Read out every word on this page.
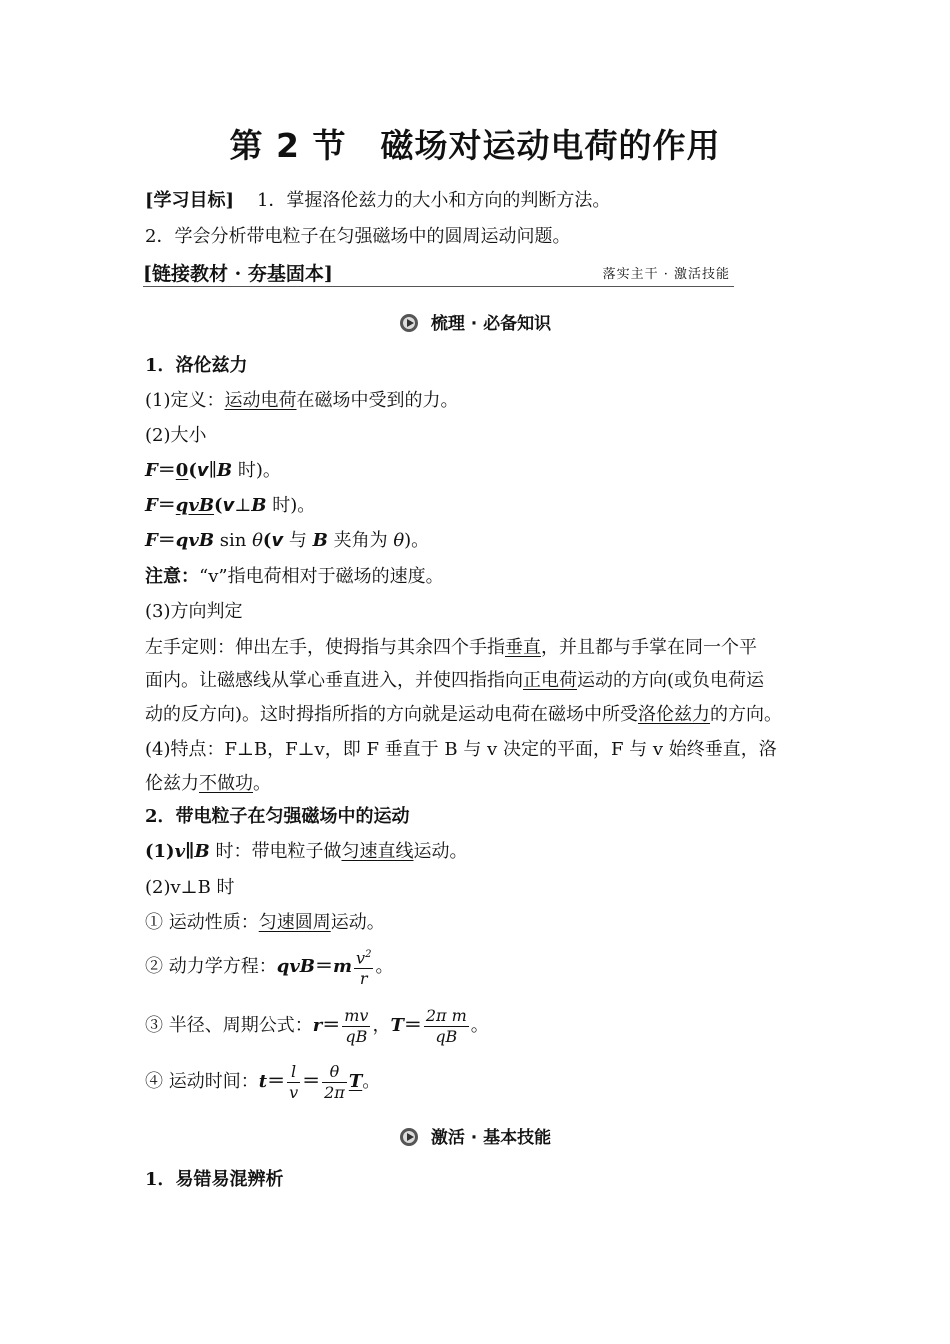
第 2 节　磁场对运动电荷的作用
[学习目标] 1．掌握洛伦兹力的大小和方向的判断方法。
2．学会分析带电粒子在匀强磁场中的圆周运动问题。
[链接教材 · 夯基固本]	落实主干 · 激活技能
梳理 · 必备知识
1．洛伦兹力
(1)定义：运动电荷在磁场中受到的力。
(2)大小
F＝0(v∥B 时)。
F＝qvB(v⊥B 时)。
F＝qvB sin θ(v 与 B 夹角为 θ)。
注意：“v”指电荷相对于磁场的速度。
(3)方向判定
左手定则：伸出左手，使拇指与其余四个手指垂直，并且都与手掌在同一个平
面内。让磁感线从掌心垂直进入，并使四指指向正电荷运动的方向(或负电荷运
动的反方向)。这时拇指所指的方向就是运动电荷在磁场中所受洛伦兹力的方向。
(4)特点：F⊥B，F⊥v，即 F 垂直于 B 与 v 决定的平面，F 与 v 始终垂直，洛
伦兹力不做功。
2．带电粒子在匀强磁场中的运动
(1)v∥B 时：带电粒子做匀速直线运动。
(2)v⊥B 时
① 运动性质：匀速圆周运动。
② 动力学方程：$qvB=m \frac{v^2}{r}$ 。
③ 半径、周期公式：$r= \frac{mv}{qB}$ ，$T= \frac{\text{2π m}}{qB}$ 。
④ 运动时间：$t= \frac{l}{v} = \frac{\theta}{2\pi}$ T。
激活 · 基本技能
1．易错易混辨析
